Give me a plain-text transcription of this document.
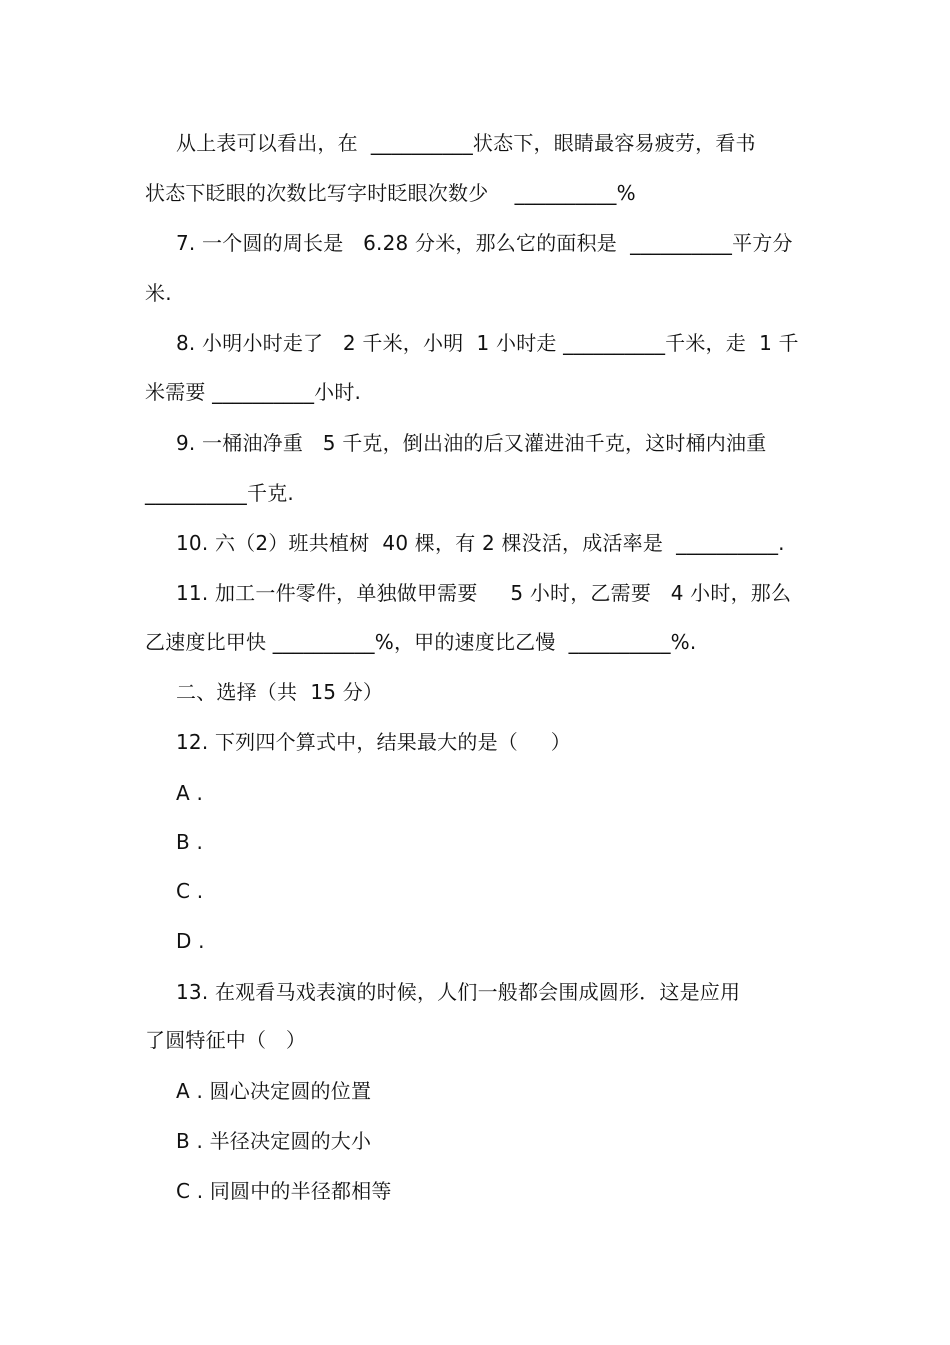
从上表可以看出，在  __________状态下，眼睛最容易疲劳，看书
状态下眨眼的次数比写字时眨眼次数少    __________%
7. 一个圆的周长是   6.28 分米，那么它的面积是  __________平方分
米.
8. 小明小时走了   2 千米，小明  1 小时走 __________千米，走  1 千
米需要 __________小时.
9. 一桶油净重   5 千克，倒出油的后又灌进油千克，这时桶内油重
__________千克.
10. 六（2）班共植树  40 棵，有 2 棵没活，成活率是  __________.
11. 加工一件零件，单独做甲需要     5 小时，乙需要   4 小时，那么
乙速度比甲快 __________%，甲的速度比乙慢  __________%.
二、选择（共  15 分）
12. 下列四个算式中，结果最大的是（     ）
A .
B .
C .
D .
13. 在观看马戏表演的时候，人们一般都会围成圆形．这是应用
了圆特征中（   ）
A . 圆心决定圆的位置
B . 半径决定圆的大小
C . 同圆中的半径都相等
